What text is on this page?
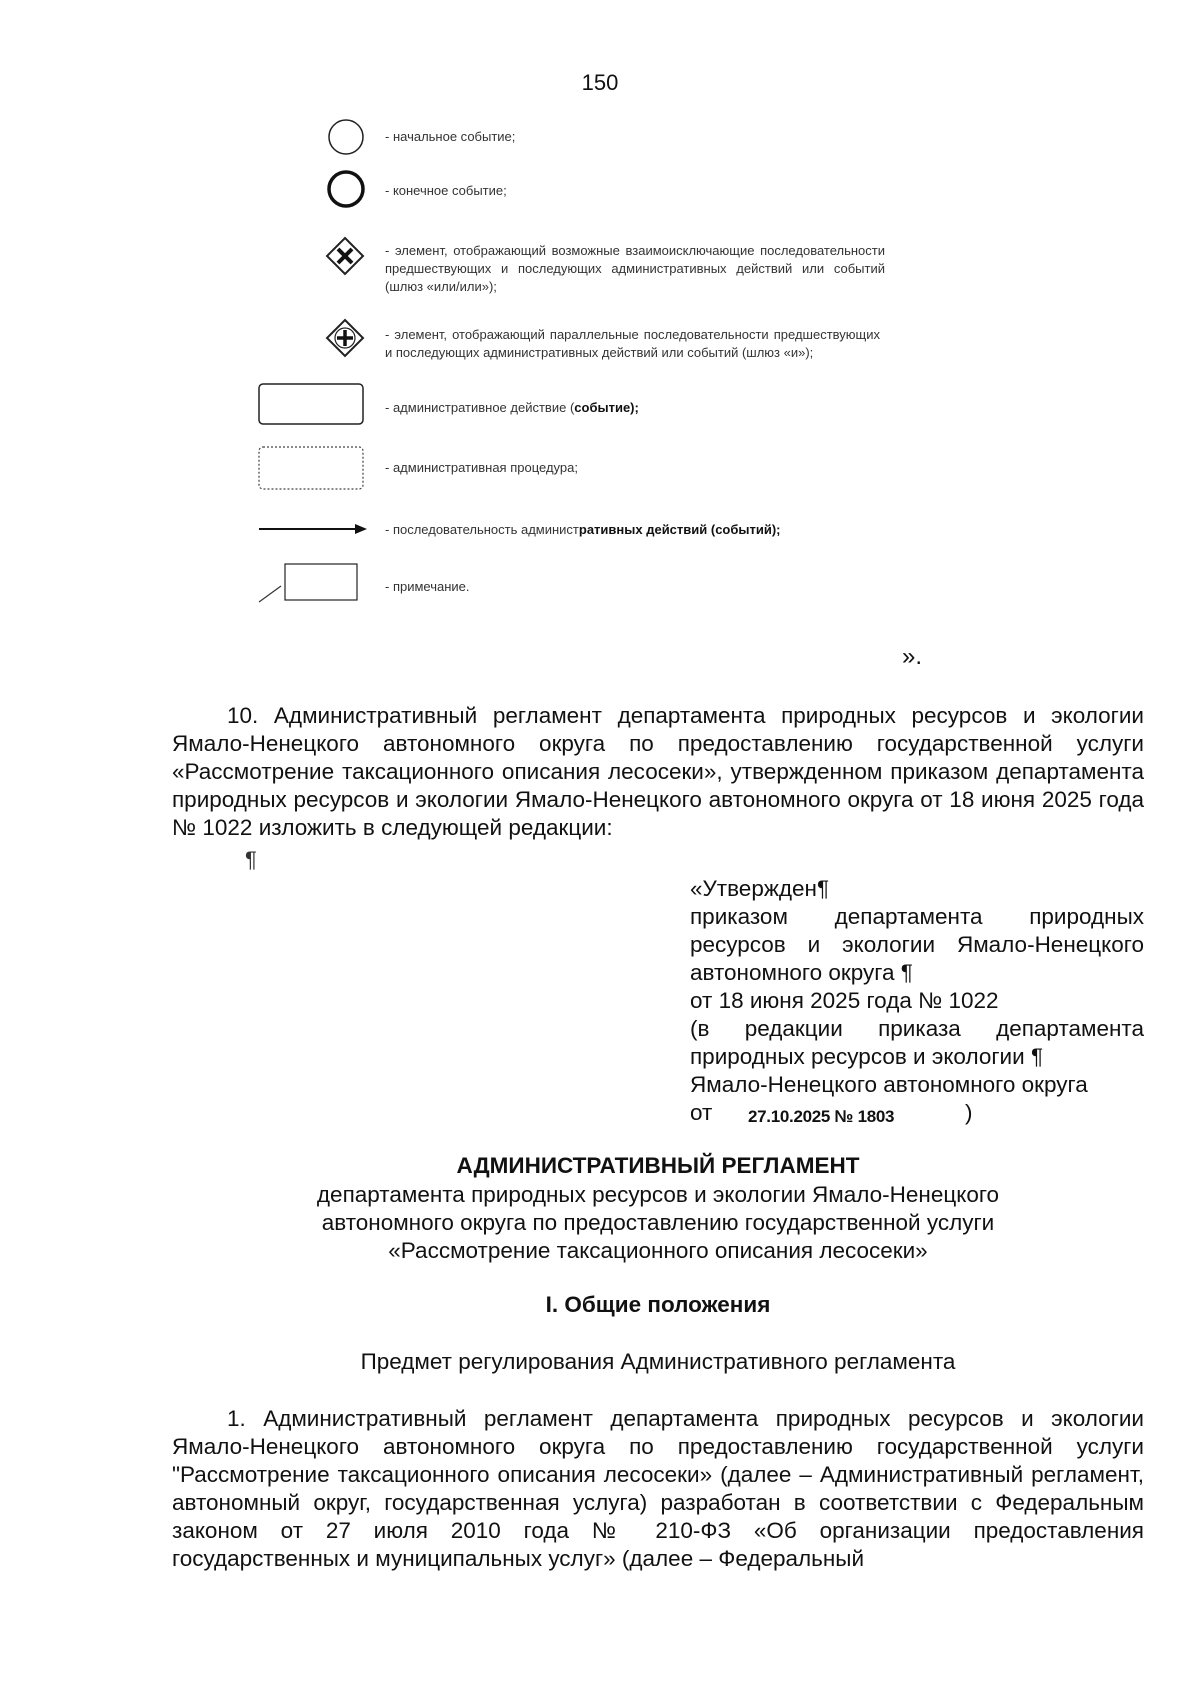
150
- начальное событие;
- конечное событие;
- элемент, отображающий возможные взаимоисключающие последовательности предшествующих и последующих административных действий или событий (шлюз «или/или»);
- элемент, отображающий параллельные последовательности предшествующих и последующих административных действий или событий (шлюз «и»);
- административное действие (событие);
- административная процедура;
- последовательность административных действий (событий);
- примечание.
».
10. Административный регламент департамента природных ресурсов и экологии Ямало-Ненецкого автономного округа по предоставлению государственной услуги «Рассмотрение таксационного описания лесосеки», утвержденном приказом департамента природных ресурсов и экологии Ямало-Ненецкого автономного округа от 18 июня 2025 года № 1022 изложить в следующей редакции:
¶
«Утвержден¶
приказом департамента природных
ресурсов и экологии Ямало-Ненецкого
автономного округа ¶
от 18 июня 2025 года № 1022
(в редакции приказа департамента
природных ресурсов и экологии ¶
Ямало-Ненецкого автономного округа
от 27.10.2025 № 1803	)
АДМИНИСТРАТИВНЫЙ РЕГЛАМЕНТ
департамента природных ресурсов и экологии Ямало-Ненецкого
автономного округа по предоставлению государственной услуги
«Рассмотрение таксационного описания лесосеки»
I. Общие положения
Предмет регулирования Административного регламента
1. Административный регламент департамента природных ресурсов и экологии Ямало-Ненецкого автономного округа по предоставлению государственной услуги "Рассмотрение таксационного описания лесосеки» (далее – Административный регламент, автономный округ, государственная услуга) разработан в соответствии с Федеральным законом от 27 июля 2010 года № 210-ФЗ «Об организации предоставления государственных и муниципальных услуг» (далее – Федеральный
